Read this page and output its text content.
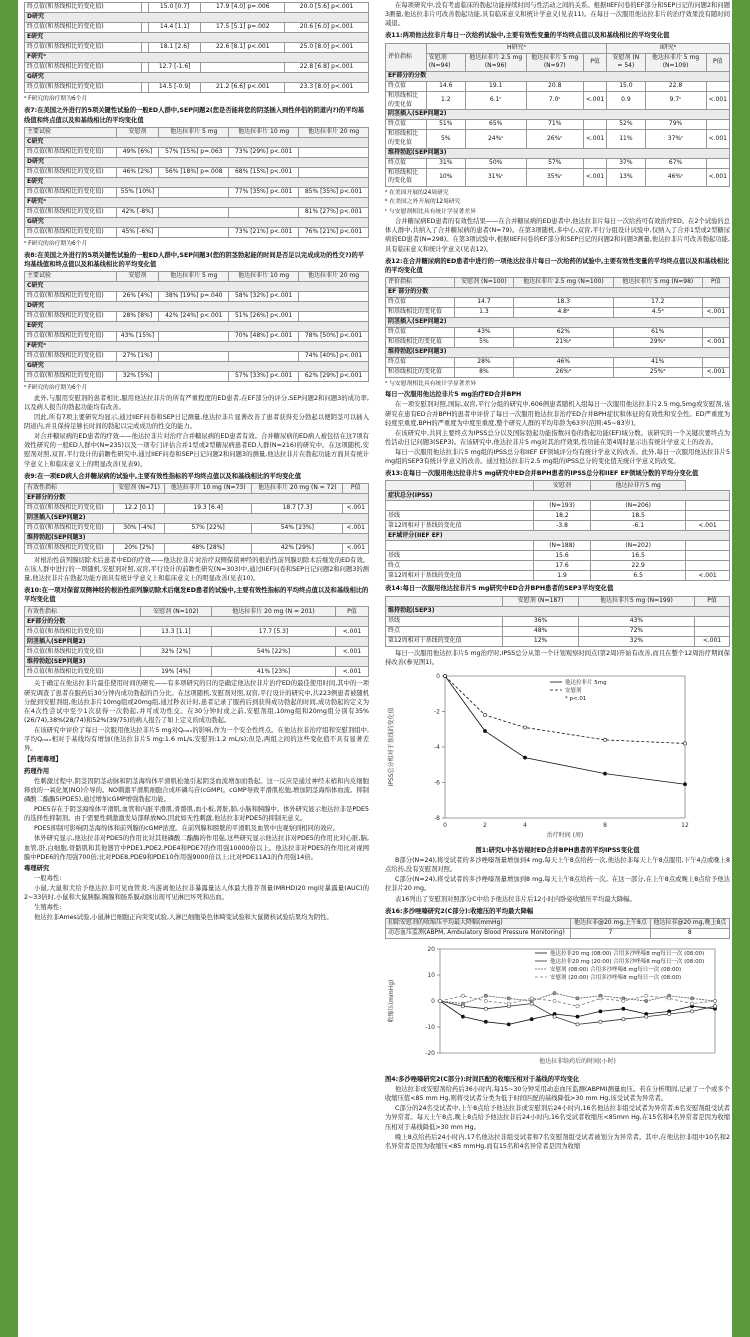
终点值(和基线相比的变化值)		15.0 [0.7]	17.9 [4.0] p=.006	20.0 [5.6] p<.001
D研究				
终点值(和基线相比的变化值)		14.4 [1.1]	17.5 [5.1] p=.002	20.6 [6.0] p<.001
E研究				
终点值(和基线相比的变化值)		18.1 [2.6]	22.6 [8.1] p<.001	25.0 [8.0] p<.001
F研究ᵃ				
终点值(和基线相比的变化值)		12.7 [-1.6]		22.8 [6.8] p<.001
G研究				
终点值(和基线相比的变化值)		14.5 [-0.9]	21.2 [6.6] p<.001	23.3 [8.0] p<.001
ᵃ F研究的治疗期为6个月
表7:在美国之外进行的5项关键性试验的一般ED人群中,SEP问题2(您是否能将您的阴茎插入到性伴侣的阴道内?)的平均基线值和终点值以及和基线相比的平均变化值
主要试验	安慰剂	他达拉非片 5 mg	他达拉非片 10 mg	他达拉非片 20 mg
C研究				
终点值(和基线相比的变化值)	49% [6%]	57% [15%] p=.063	73% [29%] p<.001	
D研究				
终点值(和基线相比的变化值)	46% [2%]	56% [18%] p=.008	68% [15%] p<.001	
E研究				
终点值(和基线相比的变化值)	55% [10%]		77% [35%] p<.001	85% [35%] p<.001
F研究ᵃ				
终点值(和基线相比的变化值)	42% [-8%]			81% [27%] p<.001
G研究				
终点值(和基线相比的变化值)	45% [-6%]		73% [21%] p<.001	76% [21%] p<.001
ᵃ F研究的治疗期为6个月
表8:在美国之外进行的5项关键性试验的一般ED人群中,SEP问题3(您的阴茎勃起能的时间是否足以完成成功的性交?)的平均基线值和终点值以及和基线相比的平均变化值
主要试验	安慰剂	他达拉非片 5 mg	他达拉非片 10 mg	他达拉非片 20 mg
C研究				
终点值(和基线相比的变化值)	26% [4%]	38% [19%] p=.040	58% [32%] p<.001	
D研究				
终点值(和基线相比的变化值)	28% [8%]	42% [24%] p<.001	51% [26%] p<.001	
E研究				
终点值(和基线相比的变化值)	43% [15%]		70% [48%] p<.001	78% [50%] p<.001
F研究ᵃ				
终点值(和基线相比的变化值)	27% [1%]			74% [40%] p<.001
G研究				
终点值(和基线相比的变化值)	32% [5%]		57% [33%] p<.001	62% [29%] p<.001
ᵃ F研究的治疗期为6个月
此外,与服用安慰剂的患者相比,服用他达拉非片的所有严重程度的ED患者,在EF部分的评分,SEP问题2和问题3的成功率,以及病人报告的勃起功能均有改善。
因此,所有7项主要研究均显示,通过IIEF问卷和SEP日记测量,他达拉非片显著改善了患者获得充分勃起以便阴茎可以插入阴道内,并且保持足够长时间的勃起以完成成功的性交的能力。
对合并糖尿病的ED患者的疗效——他达拉非片对治疗合并糖尿病的ED患者有效。合并糖尿病的ED病人被包括在这7项有效性研究的一般ED人群中(N=235)以及一项专门评估合并1型或2型糖尿病患者ED人群(N=216)的研究中。在这项随机,安慰剂对照,双盲,平行设计的前瞻性研究中,通过IIEF问卷和SEP日记问题2和问题3的测量,他达拉非片在勃起功能方面具有统计学意义上和临床意义上的明显改善(见表9)。
表9:在一项ED病人合并糖尿病的试验中,主要有效性指标的平均终点值以及和基线相比的平均变化值
有效性指标	安慰剂 (N=71)	他达拉非片 10 mg (N=73)	他达拉非片 20 mg (N = 72)	P值
EF部分的分数				
终点值(和基线相比的变化值)	12.2 [0.1]	19.3 [6.4]	18.7 [7.3]	<.001
阴茎插入(SEP问题2)				
终点值(和基线相比的变化值)	30% [-4%]	57% [22%]	54% [23%]	<.001
维持勃起(SEP问题3)				
终点值(和基线相比的变化值)	20% [2%]	48% [28%]	42% [29%]	<.001
对根治性前列腺切除术后患者中ED的疗效——他达拉非片对治疗双侧保留神经的根治性前列腺切除术后继发的ED有效。在该人群中进行的一项随机,安慰剂对照,双盲,平行设计的前瞻性研究(N=303)中,通过IIEF问卷和SEP日记问题2和问题3的测量,他达拉非片在勃起功能方面具有统计学意义上和临床意义上的明显改善(见表10)。
表10:在一项对保留双侧神经的根治性前列腺切除术后继发ED患者的试验中,主要有效性指标的平均终点值以及和基线相比的平均变化值
有效性指标	安慰剂 (N=102)	他达拉非片 20 mg (N = 201)	P值
EF部分的分数			
终点值(和基线相比的变化值)	13.3 [1.1]	17.7 [5.3]	<.001
阴茎插入(SEP问题2)			
终点值(和基线相比的变化值)	32% [2%]	54% [22%]	<.001
维持勃起(SEP问题3)			
终点值(和基线相比的变化值)	19% [4%]	41% [23%]	<.001
关于确定在他达拉非片最佳使用时间的研究——有多项研究的目的是确定他达拉非片治疗ED的最佳使用时间,其中的一项研究调查了患者在服药后30分钟内成功勃起的百分比。在这项随机,安慰剂对照,双盲,平行设计的研究中,共223例患者被随机分配到安慰剂组,他达拉非片10mg组或20mg组,通过秒表计时,患者记录了服药后到获得成功勃起的时间,成功勃起的定义为在4次性尝试中至少1次获得一次勃起,并可成功性交。在30分钟时或之前,安慰剂组,10mg组和20mg组分别有35%(26/74),38%(28/74)和52%(39/75)的病人报告了如上定义的成功勃起。
在该研究中评价了每日一次服用他达拉非片5 mg对Qₘₐₓ的影响,作为一个安全性终点。在他达拉非治疗组和安慰剂组中,平均Qₘₐₓ相对于基线均有增加(他达拉非片5 mg:1.6 mL/s,安慰剂:1.2 mL/s);但是,两组之间的这些变化值不具有显著差异。
【药理毒理】
药理作用
性刺激过程中,阴茎因阴茎动脉和阴茎海绵体平滑肌松弛引起阴茎血流增加而勃起。这一反应是通过神经末梢和内皮细胞释放的一氧化氮(NO)介导的。NO刺激平滑肌细胞合成环磷鸟苷(cGMP)。cGMP导致平滑肌松弛,增加阴茎海绵体血流。抑制磷酸二酯酶5(PDE5),通过增加cGMP增强勃起功能。
PDE5存在于阴茎海绵体平滑肌,血管和内脏平滑肌,骨骼肌,血小板,肾脏,肺,小脑和胰腺中。体外研究显示他达拉非是PDE5的选择性抑制剂。由于需要性刺激激发局部释放NO,因此如无性刺激,他达拉非对PDE5的抑制无意义。
PDE5抑制可影响阴茎海绵体和前列腺的cGMP浓度。在前列腺和膀胱的平滑肌及血管中也观察到相同的效应。
体外研究显示,他达拉非对PDE5的作用比对其他磷酸二酯酶的作用强,这些研究显示他达拉非对PDE5的作用比对心脏,脑,血管,肝,白细胞,骨骼肌和其他器官中PDE1,PDE2,PDE4和PDE7的作用强10000倍以上。他达拉非对PDE5的作用比对视网膜中PDE6的作用强700倍;比对PDE8,PDE9和PDE10作用强9000倍以上;比对PDE11A1的作用强14倍。
毒理研究
一般毒性:
小鼠,大鼠和犬给予他达拉非可见血管炎,当游离他达拉非暴露量达人体最大推荐剂量(MRHD)20 mg时暴露量(AUC)的2~33倍时,小鼠和大鼠胰腺,胸腺和肠系膜动脉出现可见淋巴坏死和出血。
生殖毒性:
他达拉非Ames试验,小鼠淋巴细胞正向突变试验,人淋巴细胞染色体畸变试验和大鼠微核试验结果均为阴性。
在每项研究中,没有考虑临床的勃起功能持续时间与性活动之间的关系。根据IIEF问卷的EF部分和SEP日记的问题2和问题3测量,他达拉非片可改善勃起功能,具有临床意义和统计学意义(见表11)。在每日一次服用他达拉非片的治疗效果没有随时间减退。
表11:两项他达拉非片每日一次给药试验中,主要有效性变量的平均终点值以及和基线相比的平均变化值
评价指标	H研究ᵃ				I研究ᵇ		
	安慰剂 (N=94)	他达拉非片 2.5 mg (N=96)	他达拉非片 5 mg (N=97)	P值	安慰剂 (N = 54)	他达拉非片 5 mg (N=109)	P值
EF部分的分数							
终点值	14.6	19.1	20.8		15.0	22.8	
和基线相比的变化值	1.2	6.1ᶜ	7.0ᶜ	<.001	0.9	9.7ᶜ	<.001
阴茎插入(SEP问题2)							
终点值	51%	65%	71%		52%	79%	
和基线相比的变化值	5%	24%ᶜ	26%ᶜ	<.001	11%	37%ᶜ	<.001
维持勃起(SEP问题3)							
终点值	31%	50%	57%		37%	67%	
和基线相比的变化值	10%	31%ᶜ	35%ᶜ	<.001	13%	46%ᶜ	<.001
ᵃ 在美国开展的24周研究
ᵇ 在美国之外开展的12周研究
ᶜ 与安慰剂相比具有统计学显著差异
合并糖尿病ED患者的有效性结果——在合并糖尿病的ED患者中,他达拉非片每日一次给药可有效治疗ED。在2个试验的总体人群中,共纳入了合并糖尿病的患者(N=79)。在第3项随机,多中心,双盲,平行分组设计试验中,仅纳入了合并1型或2型糖尿病的ED患者(N=298)。在第3项试验中,根据IIEF问卷的EF部分和SEP日记的问题2和问题3测量,他达拉非片可改善勃起功能,具有临床意义和统计学意义(见表12)。
表12:在合并糖尿病的ED患者中进行的一项他达拉非片每日一次给药的试验中,主要有效性变量的平均终点值以及和基线相比的平均变化值
评价指标	安慰剂 (N=100)	他达拉非片 2.5 mg (N=100)	他达拉非片 5 mg (N=98)	P值
EF 部分的分数				
终点值	14.7	18.3	17.2	
和基线相比的变化值	1.3	4.8ᵃ	4.5ᵃ	<.001
阴茎插入(SEP问题2)				
终点值	43%	62%	61%	
和基线相比的变化值	5%	21%ᵃ	29%ᵃ	<.001
维持勃起(SEP问题3)				
终点值	28%	46%	41%	
和基线相比的变化值	8%	26%ᵃ	25%ᵃ	<.001
ᵃ 与安慰剂相比具有统计学显著差异
每日一次服用他达拉非片5 mg治疗ED合并BPH
在一项安慰剂对照,国际,双盲,平行分组的研究中,606例患者随机入组每日一次服用他达拉非片2.5 mg,5mg或安慰剂,该研究在患有ED合并BPH的患者中评价了每日一次服用他达拉非治疗ED合并BPH症状和体征的有效性和安全性。ED严重度为轻度至重度,BPH的严重度为中度至重度,整个研究人群的平均年龄为63岁(范围:45~83岁)。
在该研究中,共同主要终点为IPSS总分以及国际勃起功能指数问卷的勃起功能(EF)域分数。该研究的一个关键次要终点为性活动日记问题3(SEP3)。在该研究中,他达拉非片5 mg对其治疗效果,性功能在第4周时显示出有统计学意义上的改善。
每日一次服用他达拉非片5 mg组的IPSS总分和IIEF EF领域评分均有统计学意义的改善。此外,每日一次服用他达拉非片5 mg组的SEP3有统计学意义的改善。通过他达拉非片2.5 mg组的IPSS总分的变化值无统计学意义的改变。
表13:在每日一次服用他达拉非片5 mg研究中ED合并BPH患者的IPSS总分和IIEF EF领域分数的平均分变化值
	安慰剂	他达拉非片5 mg	
症状总分(IPSS)			
	(N=193)	(N=206)	
基线	18.2	18.5	
第12周相对于基线的变化值	-3.8	-6.1	<.001
EF域评分(IIEF EF)			
	(N=188)	(N=202)	
基线	15.6	16.5	
终点	17.6	22.9	
第12周相对于基线的变化值	1.9	6.5	<.001
表14:每日一次服用他达拉非片5 mg研究中ED合并BPH患者的SEP3平均变化值
	安慰剂 (N=187)	他达拉非片5 mg (N=199)	P值
维持勃起(SEP3)			
基线	36%	43%	
终点	48%	72%	
第12周相对于基线的变化值	12%	32%	<.001
每日一次服用他达拉非片5 mg治疗时,IPSS总分从第一个计划观察时间点(第2周)开始有改善,而且在整个12周治疗期间保持改善(参见图1)。
0
-2
-4
-6
-8
0	2	4	8	12
治疗时间 (周)
IPSS总分相对于基线的变化值
他达拉非片 5mg
安慰剂
* p<.01
图1:研究L中各访视时ED合并BPH患者的平均IPSS变化值
B部分(N=24),将受试者的多沙唑嗪剂量增加到4 mg,每天上午8点给药一次,他达拉非每天上午8点服用,下午4点或晚上8点给药,没有安慰剂对照。
C部分(N=24),将受试者的多沙唑嗪剂量增加到8 mg,每天上午8点给药一次。在这一部分,在上午8点或晚上8点给予他达拉非片20 mg。
表16列出了安慰剂对照部分C中给予他达拉非片后12小时内卧姿收缩压平均最大降幅。
表16:多沙唑嗪研究2(C部分):收缩压的平均最大降幅
扣除安慰剂的收缩压平均最大降幅(mmHg)	他达拉非@20 mg,上午8点	他达拉非@20 mg,晚上8点
动态血压监测(ABPM, Ambulatory Blood Pressure Monitoring)	7	8
20
10
0
-10
-20
他达拉非给药后的时间(小时)
收缩压(mmHg)
他达拉非20 mg (08:00) 合用多沙唑嗪8 mg每日一次 (08:00)
他达拉非20 mg (20:00) 合用多沙唑嗪8 mg每日一次 (08:00)
安慰剂 (08:00) 合用多沙唑嗪8 mg每日一次 (08:00)
安慰剂 (20:00) 合用多沙唑嗪8 mg每日一次 (08:00)
图4:多沙唑嗪研究2(C部分):时间匹配的收缩压相对于基线的平均变化
他达拉非或安慰剂给药后36小时内,每15~30分钟采用动态血压监测(ABPM)测量血压。若在分析期间,记录了一个或多个收缩压值<85 mm Hg,则将受试者分类为低于时间匹配的基线降低>30 mm Hg,该受试者为异常者。
C部分的24名受试者中,上午8点给予他达拉非或安慰剂后24小时内,16名他达拉非组受试者为异常者,6名安慰剂组受试者为异常者。每天上午8点,晚上8点给予他达拉非后24小时内,16名受试者收缩压<85mm Hg,在15名和4名异常者是因为收缩压相对于基线降低>30 mm Hg。
晚上8点给药后24小时内,17名他达拉非组受试者和7名安慰剂组受试者被划分为异常者。其中,在他达拉非组中10名和2名异常者是因为收缩压<85 mmHg,而有15名和4名异常者是因为收缩
